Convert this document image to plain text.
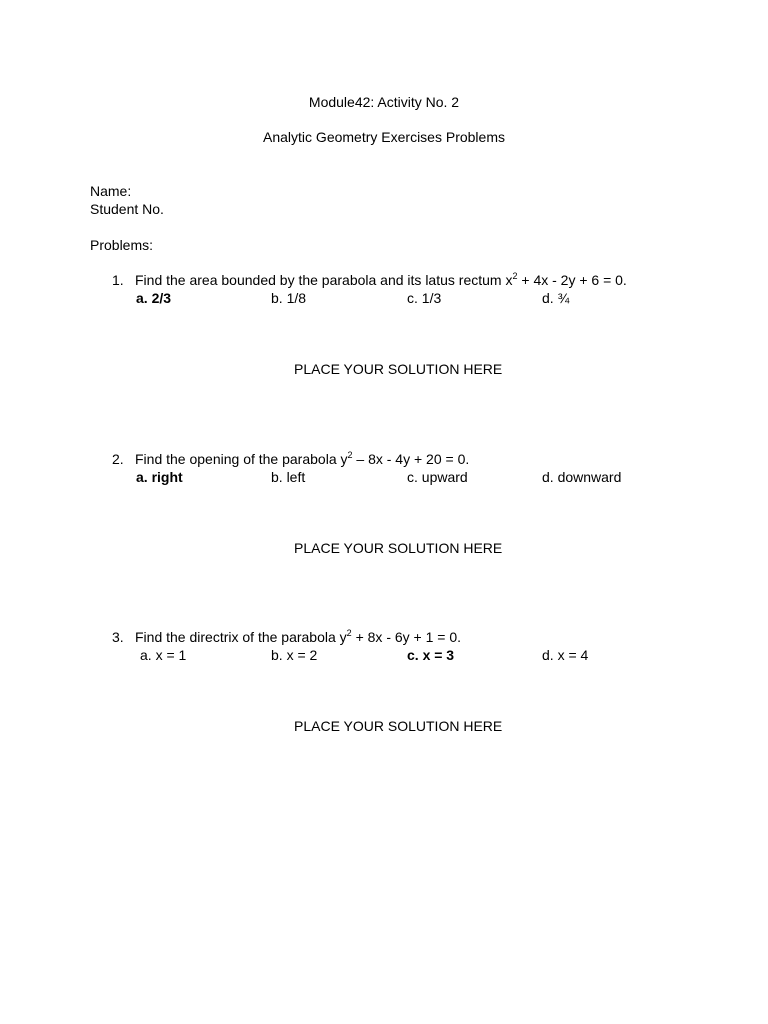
Module42: Activity No. 2
Analytic Geometry Exercises Problems
Name:
Student No.
Problems:
1. Find the area bounded by the parabola and its latus rectum $x^2 + 4x - 2y + 6 = 0$.
a. 2/3	b. 1/8	c. 1/3	d. ¾
PLACE YOUR SOLUTION HERE
2. Find the opening of the parabola $y^2 - 8x - 4y + 20 = 0$.
a. right	b. left	c. upward	d. downward
PLACE YOUR SOLUTION HERE
3. Find the directrix of the parabola $y^2 + 8x - 6y + 1 = 0$.
a. x = 1	b. x = 2	c. x = 3	d. x = 4
PLACE YOUR SOLUTION HERE
